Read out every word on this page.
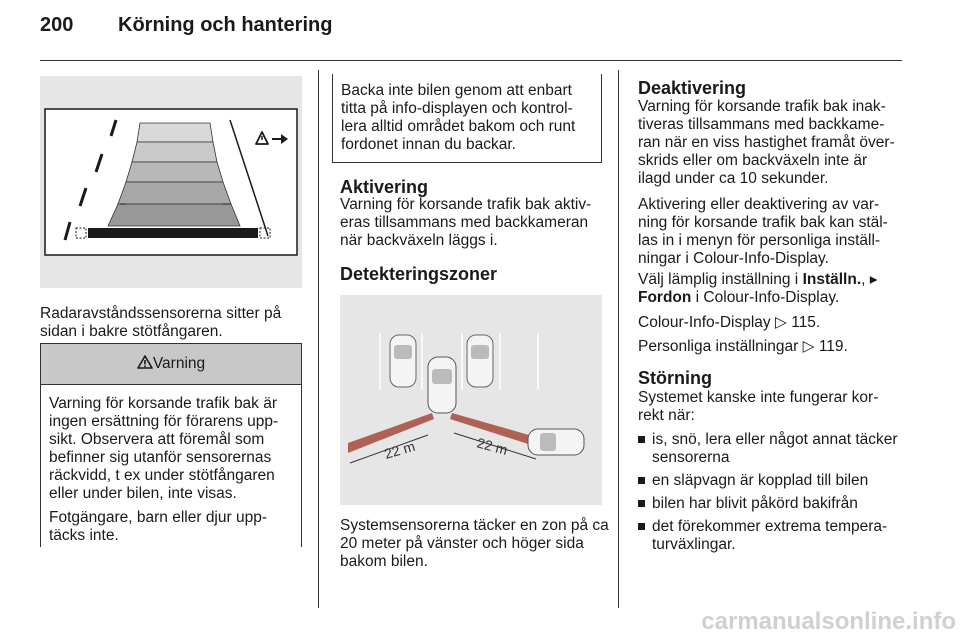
200 Körning och hantering
Radaravståndssensorerna sitter på sidan i bakre stötfångaren.
Varning

Varning för korsande trafik bak är ingen ersättning för förarens upp-sikt. Observera att föremål som befinner sig utanför sensorernas räckvidd, t ex under stötfångaren eller under bilen, inte visas.

Fotgängare, barn eller djur upp-täcks inte.

Backa inte bilen genom att enbart titta på info-displayen och kontrol-lera alltid området bakom och runt fordonet innan du backar.
Aktivering
Varning för korsande trafik bak aktiv-eras tillsammans med backkameran när backväxeln läggs i.
Detekteringszoner
22 m	22 m
Systemsensorerna täcker en zon på ca 20 meter på vänster och höger sida bakom bilen.
Deaktivering
Varning för korsande trafik bak inak-tiveras tillsammans med backkame-ran när en viss hastighet framåt över-skrids eller om backväxeln inte är ilagd under ca 10 sekunder.
Aktivering eller deaktivering av var-ning för korsande trafik bak kan stäl-las in i menyn för personliga inställ-ningar i Colour-Info-Display.
Välj lämplig inställning i Inställn., ▸ Fordon i Colour-Info-Display.
Colour-Info-Display ▷ 115.
Personliga inställningar ▷ 119.
Störning
Systemet kanske inte fungerar kor-rekt när:
is, snö, lera eller något annat täcker sensorerna
en släpvagn är kopplad till bilen
bilen har blivit påkörd bakifrån
det förekommer extrema tempera-turväxlingar.
carmanualsonline.info
